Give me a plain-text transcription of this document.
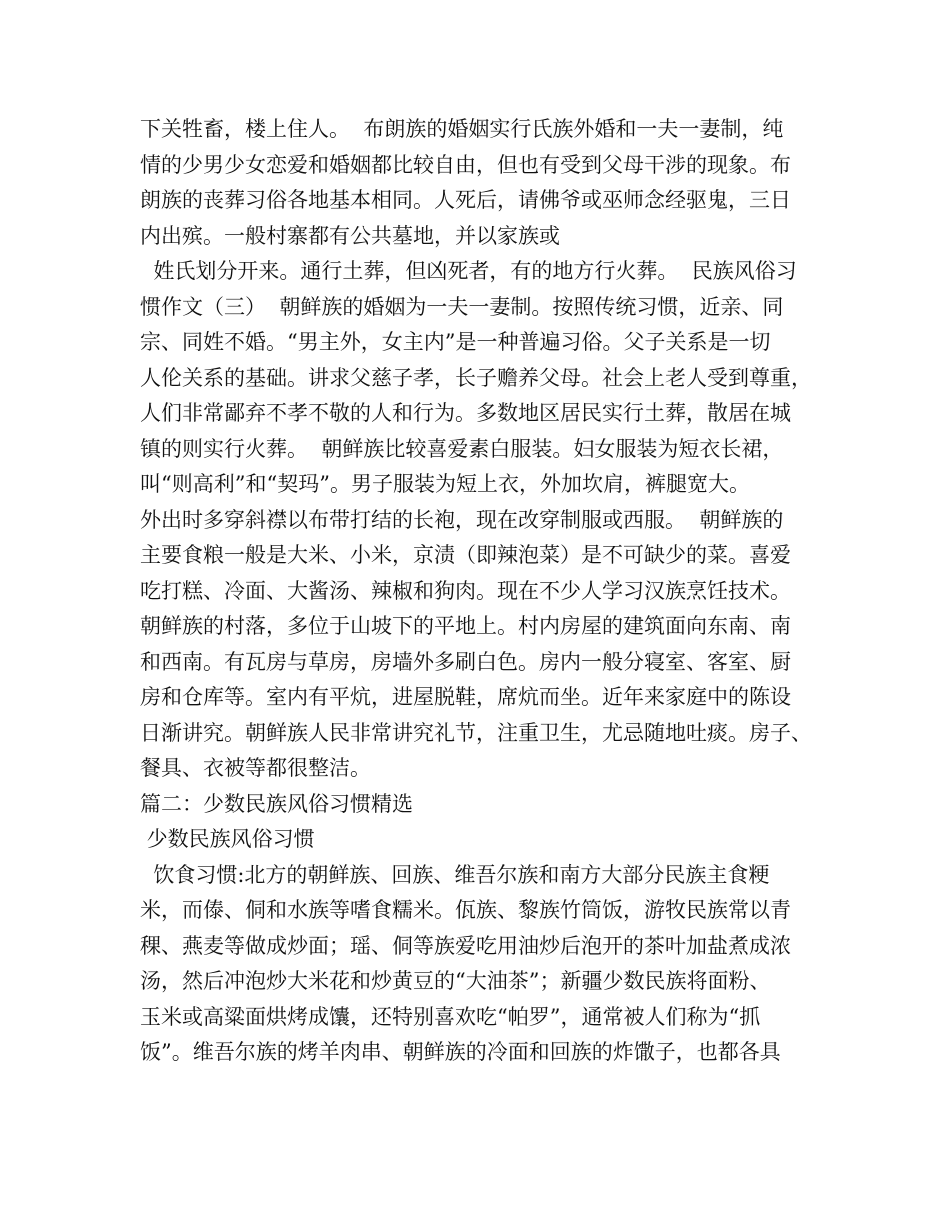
下关牲畜，楼上住人。  布朗族的婚姻实行氏族外婚和一夫一妻制，纯
情的少男少女恋爱和婚姻都比较自由，但也有受到父母干涉的现象。布
朗族的丧葬习俗各地基本相同。人死后，请佛爷或巫师念经驱鬼，三日
内出殡。一般村寨都有公共墓地，并以家族或
姓氏划分开来。通行土葬，但凶死者，有的地方行火葬。  民族风俗习
惯作文（三）  朝鲜族的婚姻为一夫一妻制。按照传统习惯，近亲、同
宗、同姓不婚。“男主外，女主内”是一种普遍习俗。父子关系是一切
人伦关系的基础。讲求父慈子孝，长子赡养父母。社会上老人受到尊重，
人们非常鄙弃不孝不敬的人和行为。多数地区居民实行土葬，散居在城
镇的则实行火葬。  朝鲜族比较喜爱素白服装。妇女服装为短衣长裙，
叫“则高利”和“契玛”。男子服装为短上衣，外加坎肩，裤腿宽大。
外出时多穿斜襟以布带打结的长袍，现在改穿制服或西服。  朝鲜族的
主要食粮一般是大米、小米，京渍（即辣泡菜）是不可缺少的菜。喜爱
吃打糕、冷面、大酱汤、辣椒和狗肉。现在不少人学习汉族烹饪技术。
朝鲜族的村落，多位于山坡下的平地上。村内房屋的建筑面向东南、南
和西南。有瓦房与草房，房墙外多刷白色。房内一般分寝室、客室、厨
房和仓库等。室内有平炕，进屋脱鞋，席炕而坐。近年来家庭中的陈设
日渐讲究。朝鲜族人民非常讲究礼节，注重卫生，尤忌随地吐痰。房子、
餐具、衣被等都很整洁。
篇二：少数民族风俗习惯精选
少数民族风俗习惯
饮食习惯:北方的朝鲜族、回族、维吾尔族和南方大部分民族主食粳
米，而傣、侗和水族等嗜食糯米。佤族、黎族竹筒饭，游牧民族常以青
稞、燕麦等做成炒面；瑶、侗等族爱吃用油炒后泡开的茶叶加盐煮成浓
汤，然后冲泡炒大米花和炒黄豆的“大油茶”；新疆少数民族将面粉、
玉米或高粱面烘烤成馕，还特别喜欢吃“帕罗”，通常被人们称为“抓
饭”。维吾尔族的烤羊肉串、朝鲜族的冷面和回族的炸馓子，也都各具
